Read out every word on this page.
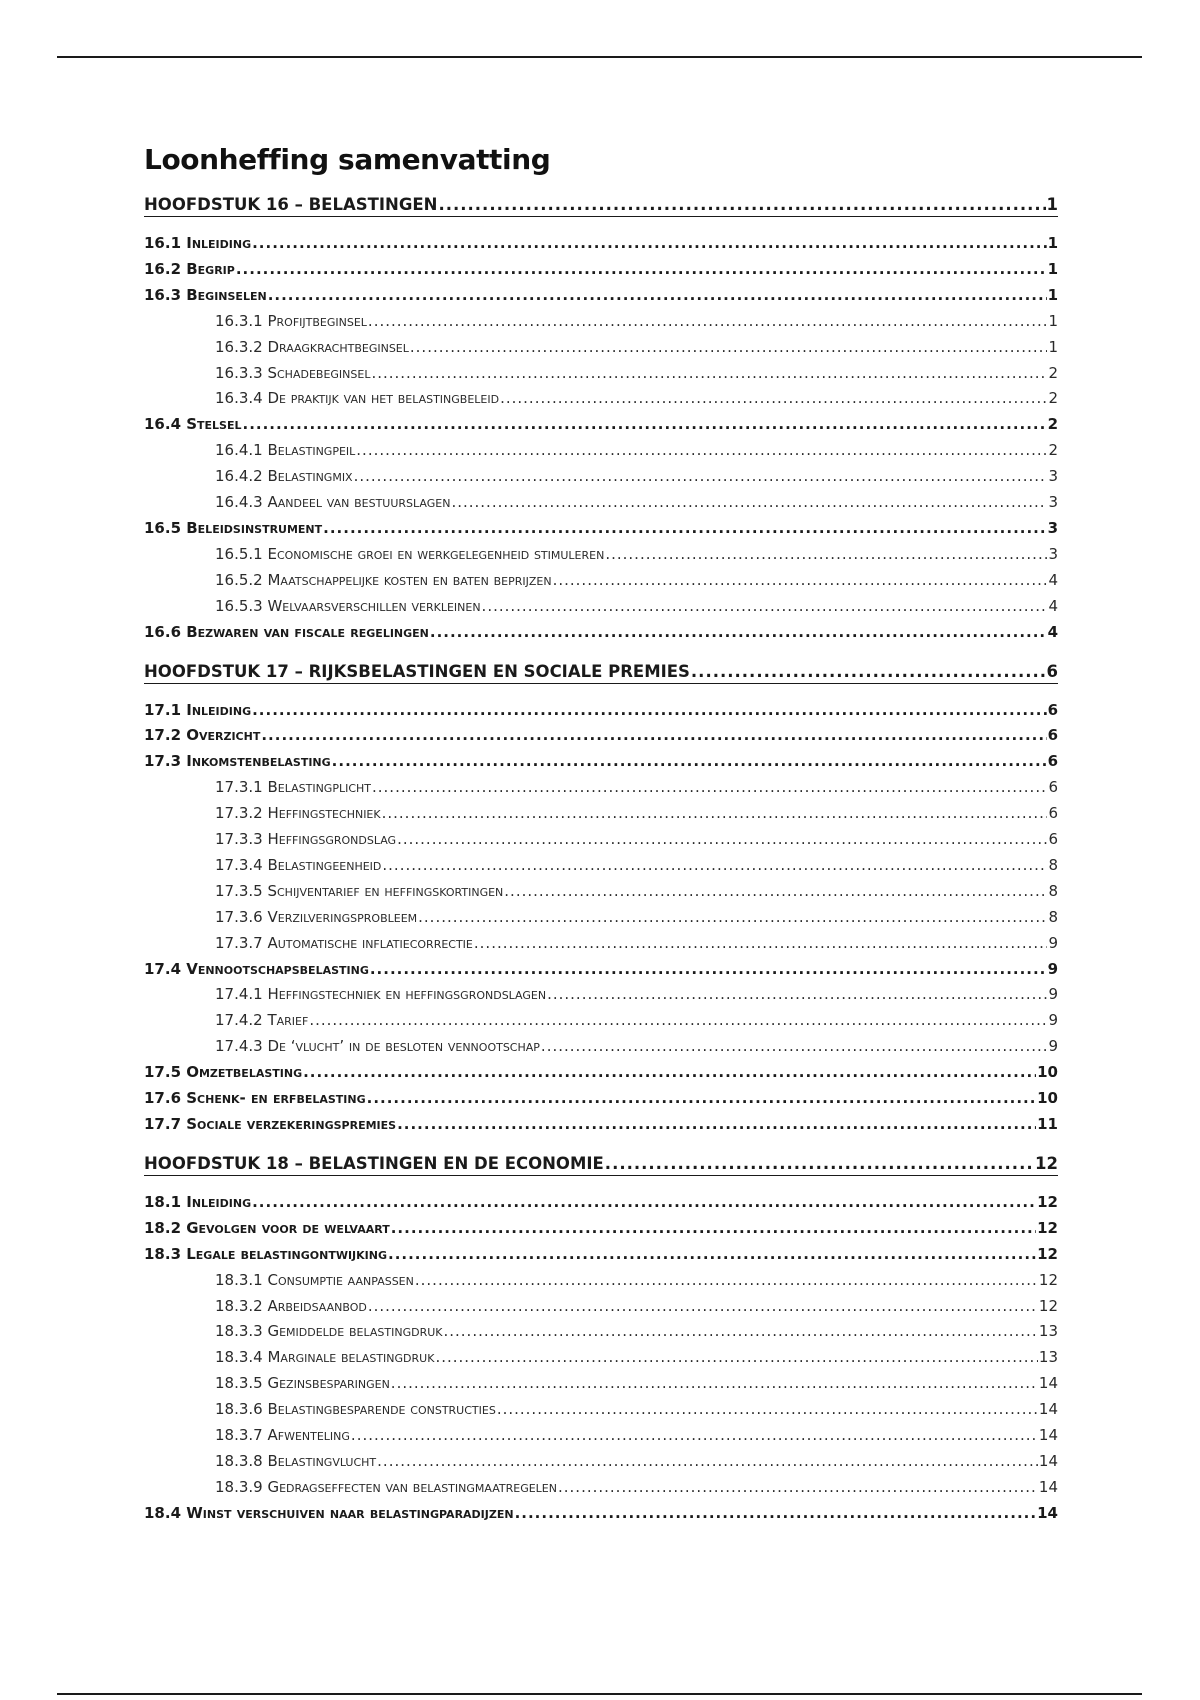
Loonheffing samenvatting
HOOFDSTUK 16 – BELASTINGEN .....	1
16.1 Inleiding .....	1
16.2 Begrip .....	1
16.3 Beginselen .....	1
16.3.1 Profijtbeginsel .....	1
16.3.2 Draagkrachtbeginsel .....	1
16.3.3 Schadebeginsel .....	2
16.3.4 De praktijk van het belastingbeleid .....	2
16.4 Stelsel .....	2
16.4.1 Belastingpeil .....	2
16.4.2 Belastingmix .....	3
16.4.3 Aandeel van bestuurslagen .....	3
16.5 Beleidsinstrument .....	3
16.5.1 Economische groei en werkgelegenheid stimuleren .....	3
16.5.2 Maatschappelijke kosten en baten beprijzen .....	4
16.5.3 Welvaarsverschillen verkleinen .....	4
16.6 Bezwaren van fiscale regelingen .....	4
HOOFDSTUK 17 – RIJKSBELASTINGEN EN SOCIALE PREMIES .....	6
17.1 Inleiding .....	6
17.2 Overzicht .....	6
17.3 Inkomstenbelasting .....	6
17.3.1 Belastingplicht .....	6
17.3.2 Heffingstechniek .....	6
17.3.3 Heffingsgrondslag .....	6
17.3.4 Belastingeenheid .....	8
17.3.5 Schijventarief en heffingskortingen .....	8
17.3.6 Verzilveringsprobleem .....	8
17.3.7 Automatische inflatiecorrectie .....	9
17.4 Vennootschapsbelasting .....	9
17.4.1 Heffingstechniek en heffingsgrondslagen .....	9
17.4.2 Tarief .....	9
17.4.3 De ‘vlucht’ in de besloten vennootschap .....	9
17.5 Omzetbelasting .....	10
17.6 Schenk- en erfbelasting .....	10
17.7 Sociale verzekeringspremies .....	11
HOOFDSTUK 18 – BELASTINGEN EN DE ECONOMIE .....	12
18.1 Inleiding .....	12
18.2 Gevolgen voor de welvaart .....	12
18.3 Legale belastingontwijking .....	12
18.3.1 Consumptie aanpassen .....	12
18.3.2 Arbeidsaanbod .....	12
18.3.3 Gemiddelde belastingdruk .....	13
18.3.4 Marginale belastingdruk .....	13
18.3.5 Gezinsbesparingen .....	14
18.3.6 Belastingbesparende constructies .....	14
18.3.7 Afwenteling .....	14
18.3.8 Belastingvlucht .....	14
18.3.9 Gedragseffecten van belastingmaatregelen .....	14
18.4 Winst verschuiven naar belastingparadijzen .....	14
